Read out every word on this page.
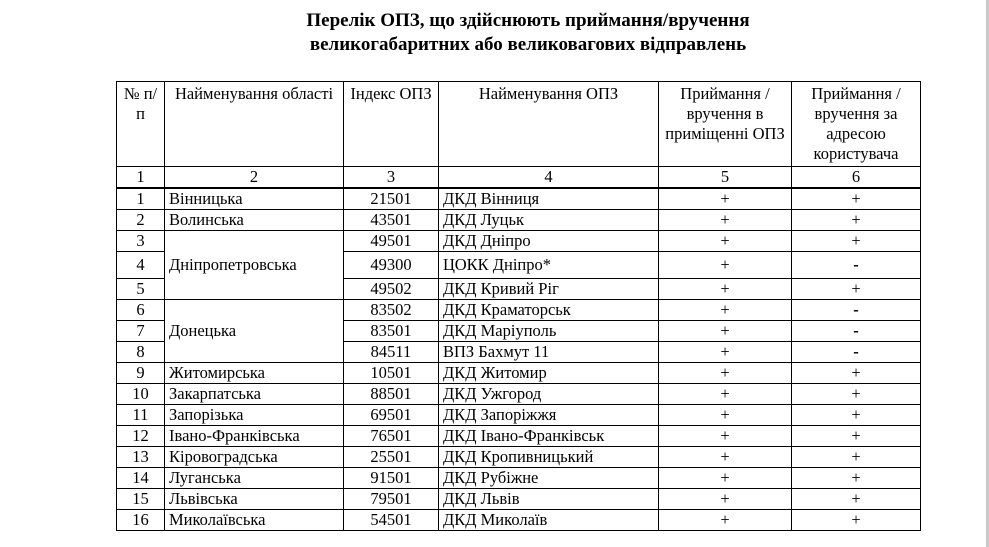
Перелік ОПЗ, що здійснюють приймання/вручення
великогабаритних або великовагових відправлень
№ п/п	Найменування області	Індекс ОПЗ	Найменування ОПЗ	Приймання / вручення в приміщенні ОПЗ	Приймання / вручення за адресою користувача
1	2	3	4	5	6
1	Вінницька	21501	ДКД Вінниця	+	+
2	Волинська	43501	ДКД Луцьк	+	+
3	Дніпропетровська	49501	ДКД Дніпро	+	+
4		49300	ЦОКК Дніпро*	+	-
5		49502	ДКД Кривий Ріг	+	+
6	Донецька	83502	ДКД Краматорськ	+	-
7		83501	ДКД Маріуполь	+	-
8		84511	ВПЗ Бахмут 11	+	-
9	Житомирська	10501	ДКД Житомир	+	+
10	Закарпатська	88501	ДКД Ужгород	+	+
11	Запорізька	69501	ДКД Запоріжжя	+	+
12	Івано-Франківська	76501	ДКД Івано-Франківськ	+	+
13	Кіровоградська	25501	ДКД Кропивницький	+	+
14	Луганська	91501	ДКД Рубіжне	+	+
15	Львівська	79501	ДКД Львів	+	+
16	Миколаївська	54501	ДКД Миколаїв	+	+
